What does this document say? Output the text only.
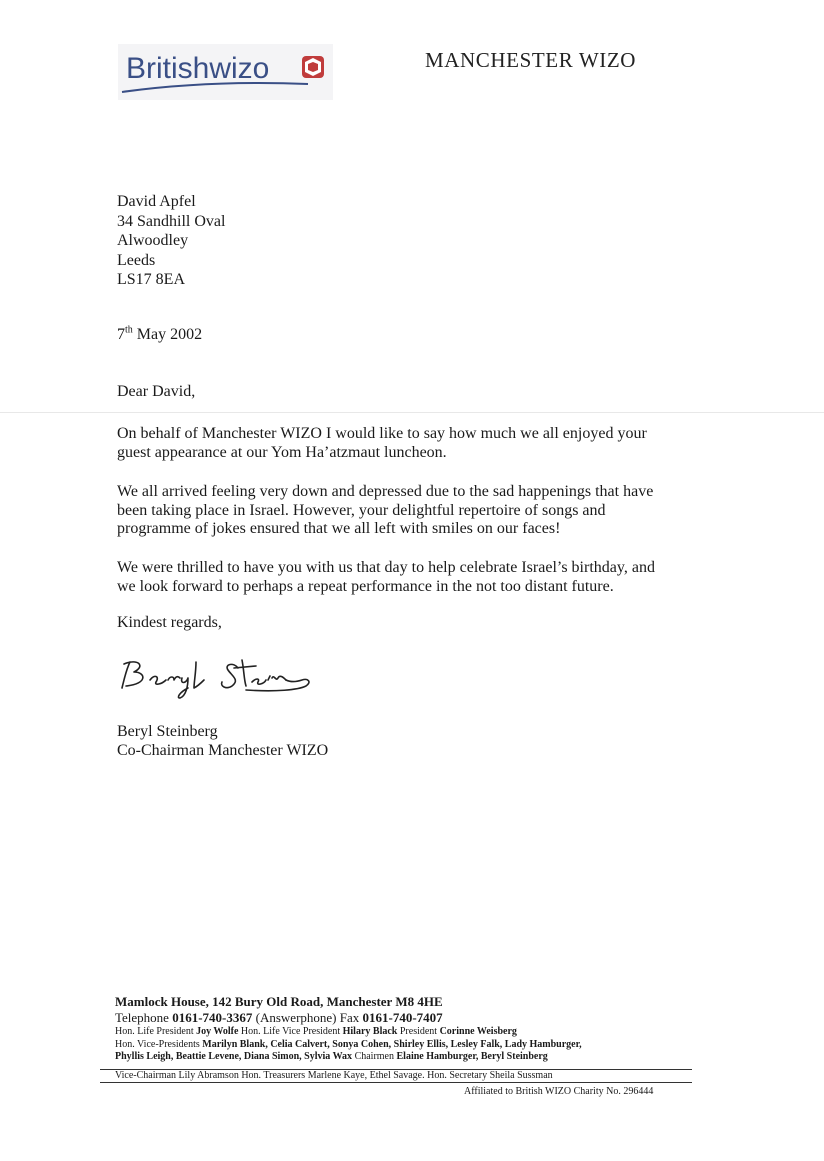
Britishwizo	MANCHESTER WIZO
David Apfel
34 Sandhill Oval
Alwoodley
Leeds
LS17 8EA
7th May 2002
Dear David,
On behalf of Manchester WIZO I would like to say how much we all enjoyed your
guest appearance at our Yom Ha’atzmaut luncheon.
We all arrived feeling very down and depressed due to the sad happenings that have
been taking place in Israel. However, your delightful repertoire of songs and
programme of jokes ensured that we all left with smiles on our faces!
We were thrilled to have you with us that day to help celebrate Israel’s birthday, and
we look forward to perhaps a repeat performance in the not too distant future.
Kindest regards,
Beryl Steinberg
Co-Chairman Manchester WIZO
Mamlock House, 142 Bury Old Road, Manchester M8 4HE
Telephone 0161-740-3367 (Answerphone) Fax 0161-740-7407
Hon. Life President Joy Wolfe Hon. Life Vice President Hilary Black President Corinne Weisberg
Hon. Vice-Presidents Marilyn Blank, Celia Calvert, Sonya Cohen, Shirley Ellis, Lesley Falk, Lady Hamburger,
Phyllis Leigh, Beattie Levene, Diana Simon, Sylvia Wax Chairmen Elaine Hamburger, Beryl Steinberg
Vice-Chairman Lily Abramson Hon. Treasurers Marlene Kaye, Ethel Savage. Hon. Secretary Sheila Sussman
Affiliated to British WIZO Charity No. 296444
